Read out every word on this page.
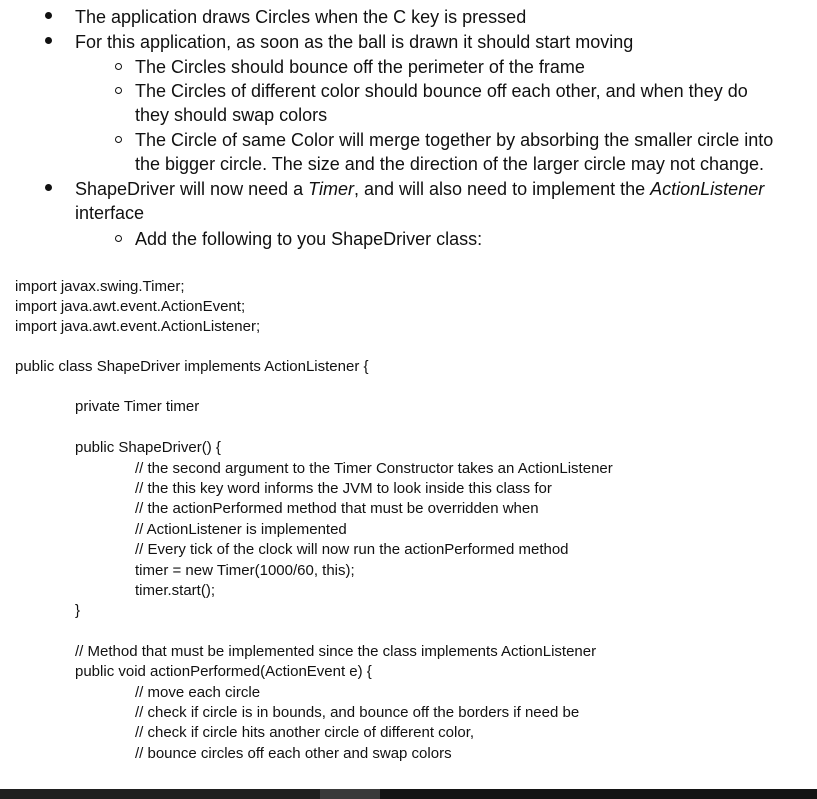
The application draws Circles when the C key is pressed
For this application, as soon as the ball is drawn it should start moving
The Circles should bounce off the perimeter of the frame
The Circles of different color should bounce off each other, and when they do
they should swap colors
The Circle of same Color will merge together by absorbing the smaller circle into
the bigger circle. The size and the direction of the larger circle may not change.
ShapeDriver will now need a Timer, and will also need to implement the ActionListener
interface
Add the following to you ShapeDriver class:
import javax.swing.Timer;
import java.awt.event.ActionEvent;
import java.awt.event.ActionListener;
public class ShapeDriver implements ActionListener {
private Timer timer
public ShapeDriver() {
// the second argument to the Timer Constructor takes an ActionListener
// the this key word informs the JVM to look inside this class for
// the actionPerformed method that must be overridden when
// ActionListener is implemented
// Every tick of the clock will now run the actionPerformed method
timer = new Timer(1000/60, this);
timer.start();
}
// Method that must be implemented since the class implements ActionListener
public void actionPerformed(ActionEvent e) {
// move each circle
// check if circle is in bounds, and bounce off the borders if need be
// check if circle hits another circle of different color,
// bounce circles off each other and swap colors
